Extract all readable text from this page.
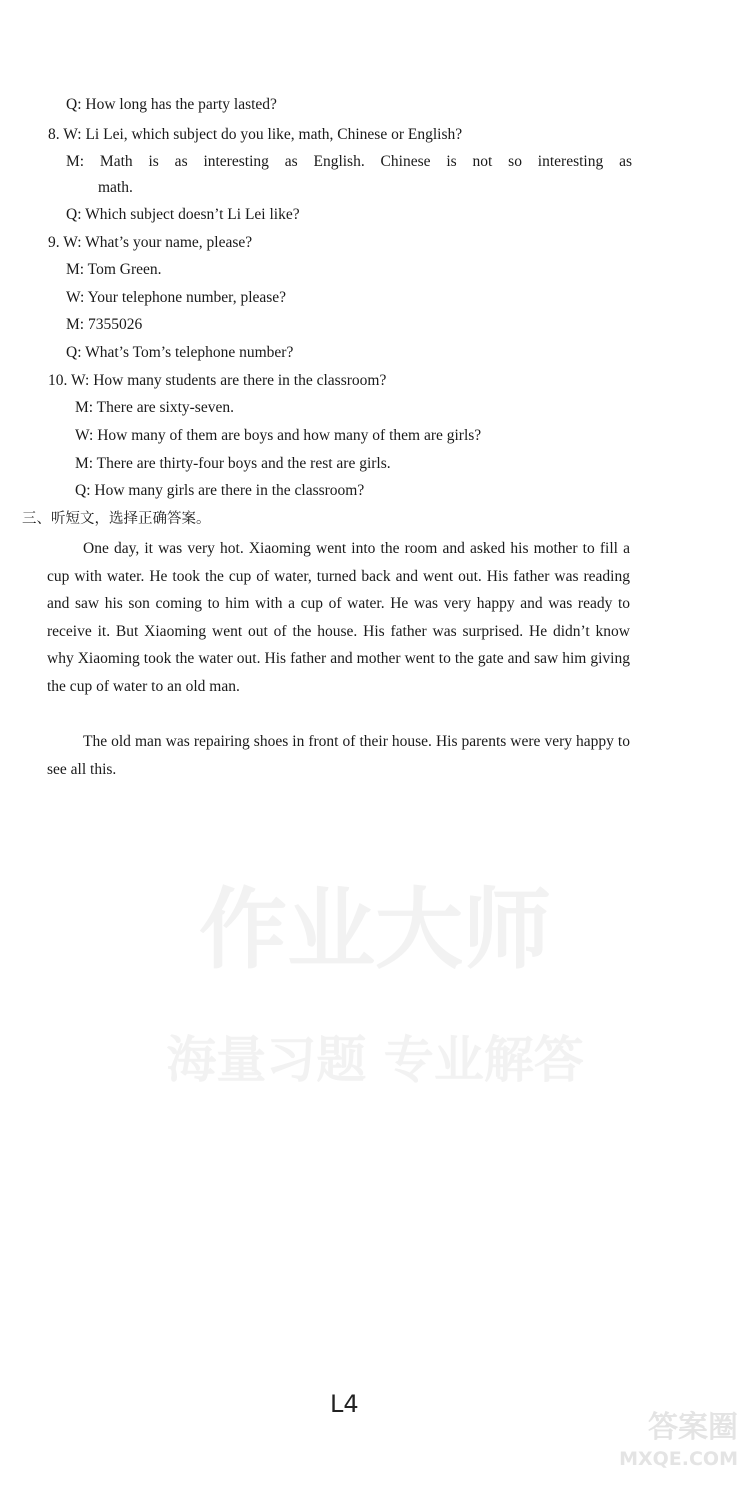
Q: How long has the party lasted?
8. W: Li Lei, which subject do you like, math, Chinese or English?
M: Math is as interesting as English. Chinese is not so interesting as
math.
Q: Which subject doesn’t Li Lei like?
9. W: What’s your name, please?
M: Tom Green.
W: Your telephone number, please?
M: 7355026
Q: What’s Tom’s telephone number?
10. W: How many students are there in the classroom?
M: There are sixty-seven.
W: How many of them are boys and how many of them are girls?
M: There are thirty-four boys and the rest are girls.
Q: How many girls are there in the classroom?
三、听短文，选择正确答案。
One day, it was very hot. Xiaoming went into the room and asked his mother to fill a cup with water. He took the cup of water, turned back and went out. His father was reading and saw his son coming to him with a cup of water. He was very happy and was ready to receive it. But Xiaoming went out of the house. His father was surprised. He didn’t know why Xiaoming took the water out. His father and mother went to the gate and saw him giving the cup of water to an old man.
The old man was repairing shoes in front of their house. His parents were very happy to see all this.
作业大师
海量习题 专业解答
L4
答案圈
MXQE.COM
